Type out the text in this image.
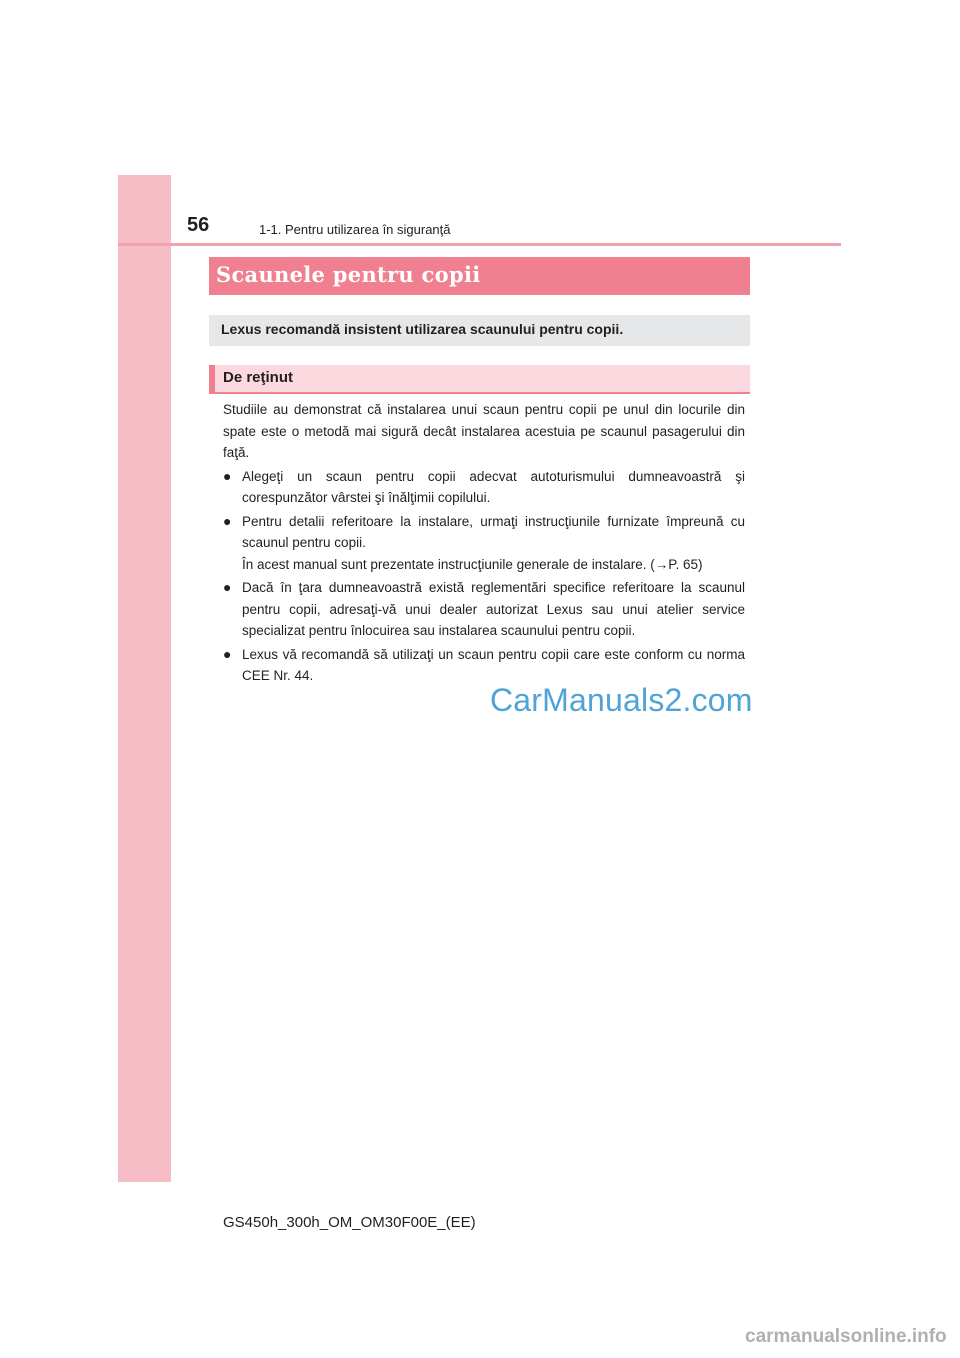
56	1-1. Pentru utilizarea în siguranţă
Scaunele pentru copii
Lexus recomandă insistent utilizarea scaunului pentru copii.
De reţinut

Studiile au demonstrat că instalarea unui scaun pentru copii pe unul din locurile din spate este o metodă mai sigură decât instalarea acestuia pe scaunul pasagerului din faţă.

● Alegeţi un scaun pentru copii adecvat autoturismului dumneavoastră şi corespunzător vârstei şi înălţimii copilului.

● Pentru detalii referitoare la instalare, urmaţi instrucţiunile furnizate împreună cu scaunul pentru copii.

În acest manual sunt prezentate instrucţiunile generale de instalare. (→P. 65)

● Dacă în ţara dumneavoastră există reglementări specifice referitoare la scaunul pentru copii, adresaţi-vă unui dealer autorizat Lexus sau unui atelier service specializat pentru înlocuirea sau instalarea scaunului pentru copii.

● Lexus vă recomandă să utilizaţi un scaun pentru copii care este conform cu norma CEE Nr. 44.

CarManuals2.com
GS450h_300h_OM_OM30F00E_(EE)
carmanualsonline.info
